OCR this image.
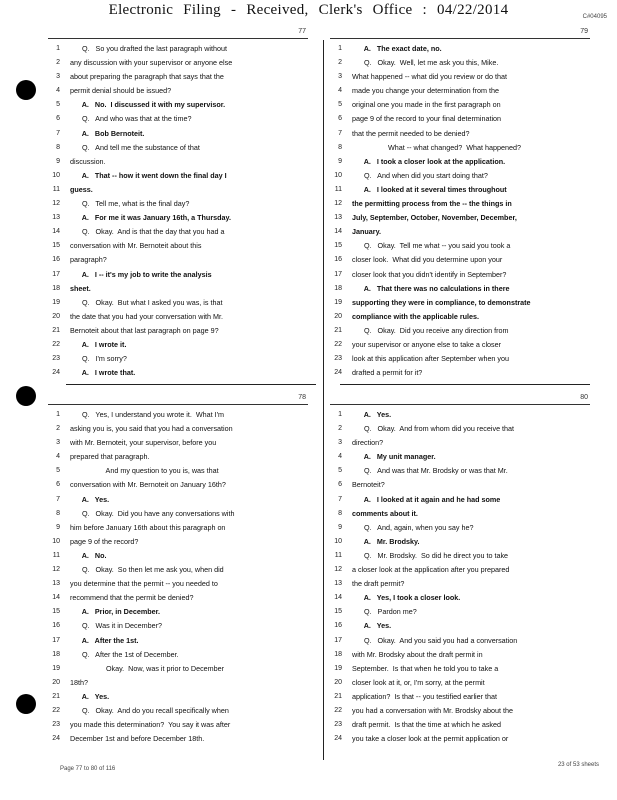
Electronic Filing - Received, Clerk's Office : 04/22/2014	C#04095
77
1 Q.   So you drafted the last paragraph without
2 any discussion with your supervisor or anyone else
3 about preparing the paragraph that says that the
4 permit denial should be issued?
5 A.   No.  I discussed it with my supervisor.
6 Q.   And who was that at the time?
7 A.   Bob Bernoteit.
8 Q.   And tell me the substance of that
9 discussion.
10 A.   That -- how it went down the final day I
11 guess.
12 Q.   Tell me, what is the final day?
13 A.   For me it was January 16th, a Thursday.
14 Q.   Okay.  And is that the day that you had a
15 conversation with Mr. Bernoteit about this
16 paragraph?
17 A.   I -- it's my job to write the analysis
18 sheet.
19 Q.   Okay.  But what I asked you was, is that
20 the date that you had your conversation with Mr.
21 Bernoteit about that last paragraph on page 9?
22 A.   I wrote it.
23 Q.   I'm sorry?
24 A.   I wrote that.
79
1 A.   The exact date, no.
2 Q.   Okay.  Well, let me ask you this, Mike.
3 What happened -- what did you review or do that
4 made you change your determination from the
5 original one you made in the first paragraph on
6 page 9 of the record to your final determination
7 that the permit needed to be denied?
8 What -- what changed?  What happened?
9 A.   I took a closer look at the application.
10 Q.   And when did you start doing that?
11 A.   I looked at it several times throughout
12 the permitting process from the -- the things in
13 July, September, October, November, December,
14 January.
15 Q.   Okay.  Tell me what -- you said you took a
16 closer look.  What did you determine upon your
17 closer look that you didn't identify in September?
18 A.   That there was no calculations in there
19 supporting they were in compliance, to demonstrate
20 compliance with the applicable rules.
21 Q.   Okay.  Did you receive any direction from
22 your supervisor or anyone else to take a closer
23 look at this application after September when you
24 drafted a permit for it?
78
1 Q.   Yes, I understand you wrote it.  What I'm
2 asking you is, you said that you had a conversation
3 with Mr. Bernoteit, your supervisor, before you
4 prepared that paragraph.
5 And my question to you is, was that
6 conversation with Mr. Bernoteit on January 16th?
7 A.   Yes.
8 Q.   Okay.  Did you have any conversations with
9 him before January 16th about this paragraph on
10 page 9 of the record?
11 A.   No.
12 Q.   Okay.  So then let me ask you, when did
13 you determine that the permit -- you needed to
14 recommend that the permit be denied?
15 A.   Prior, in December.
16 Q.   Was it in December?
17 A.   After the 1st.
18 Q.   After the 1st of December.
19 Okay.  Now, was it prior to December
20 18th?
21 A.   Yes.
22 Q.   Okay.  And do you recall specifically when
23 you made this determination?  You say it was after
24 December 1st and before December 18th.
80
1 A.   Yes.
2 Q.   Okay.  And from whom did you receive that
3 direction?
4 A.   My unit manager.
5 Q.   And was that Mr. Brodsky or was that Mr.
6 Bernoteit?
7 A.   I looked at it again and he had some
8 comments about it.
9 Q.   And, again, when you say he?
10 A.   Mr. Brodsky.
11 Q.   Mr. Brodsky.  So did he direct you to take
12 a closer look at the application after you prepared
13 the draft permit?
14 A.   Yes, I took a closer look.
15 Q.   Pardon me?
16 A.   Yes.
17 Q.   Okay.  And you said you had a conversation
18 with Mr. Brodsky about the draft permit in
19 September.  Is that when he told you to take a
20 closer look at it, or, I'm sorry, at the permit
21 application?  Is that -- you testified earlier that
22 you had a conversation with Mr. Brodsky about the
23 draft permit.  Is that the time at which he asked
24 you take a closer look at the permit application or
Page 77 to 80 of 116
23 of 53 sheets
